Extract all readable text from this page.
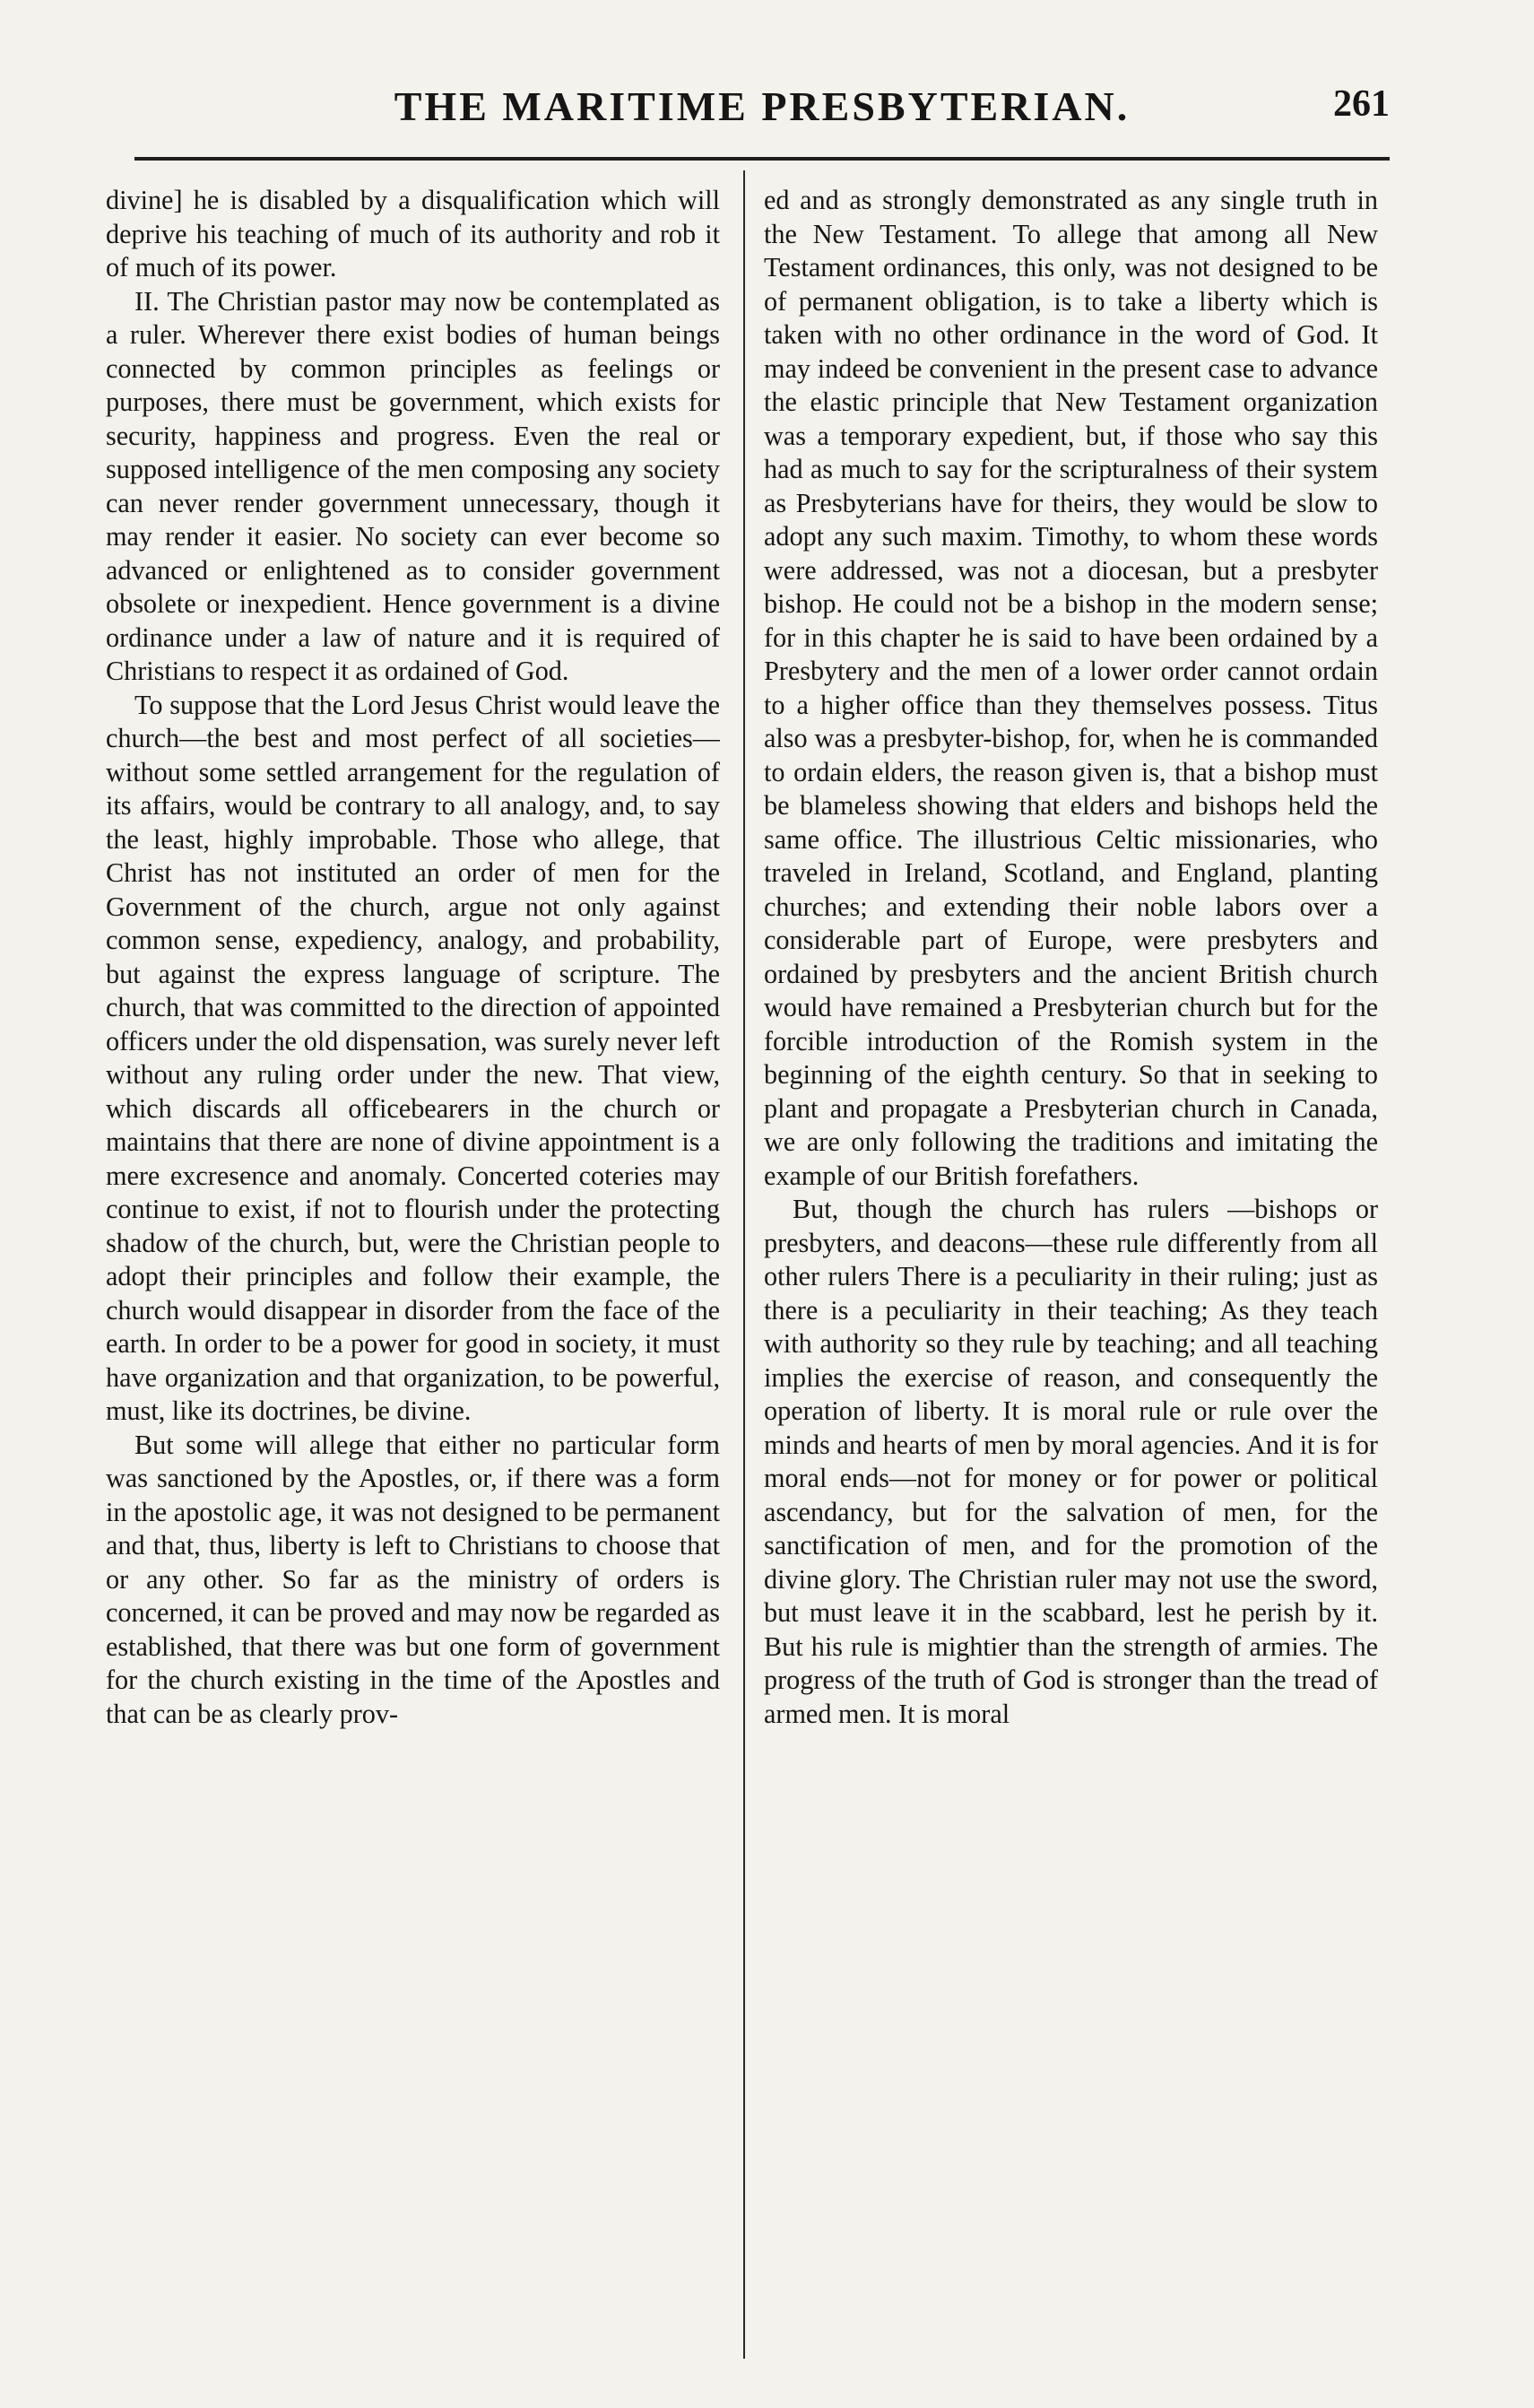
THE MARITIME PRESBYTERIAN.	261

divine] he is disabled by a disqualification which will deprive his teaching of much of its authority and rob it of much of its power.

II. The Christian pastor may now be contemplated as a ruler. Wherever there exist bodies of human beings connected by common principles as feelings or purposes, there must be government, which exists for security, happiness and progress. Even the real or supposed intelligence of the men composing any society can never render government unnecessary, though it may render it easier. No society can ever become so advanced or enlightened as to consider government obsolete or inexpedient. Hence government is a divine ordinance under a law of nature and it is required of Christians to respect it as ordained of God.

To suppose that the Lord Jesus Christ would leave the church—the best and most perfect of all societies—without some settled arrangement for the regulation of its affairs, would be contrary to all analogy, and, to say the least, highly improbable. Those who allege, that Christ has not instituted an order of men for the Government of the church, argue not only against common sense, expediency, analogy, and probability, but against the express language of scripture. The church, that was committed to the direction of appointed officers under the old dispensation, was surely never left without any ruling order under the new. That view, which discards all officebearers in the church or maintains that there are none of divine appointment is a mere excresence and anomaly. Concerted coteries may continue to exist, if not to flourish under the protecting shadow of the church, but, were the Christian people to adopt their principles and follow their example, the church would disappear in disorder from the face of the earth. In order to be a power for good in society, it must have organization and that organization, to be powerful, must, like its doctrines, be divine.

But some will allege that either no particular form was sanctioned by the Apostles, or, if there was a form in the apostolic age, it was not designed to be permanent and that, thus, liberty is left to Christians to choose that or any other. So far as the ministry of orders is concerned, it can be proved and may now be regarded as established, that there was but one form of government for the church existing in the time of the Apostles and that can be as clearly prov-

ed and as strongly demonstrated as any single truth in the New Testament. To allege that among all New Testament ordinances, this only, was not designed to be of permanent obligation, is to take a liberty which is taken with no other ordinance in the word of God. It may indeed be convenient in the present case to advance the elastic principle that New Testament organization was a temporary expedient, but, if those who say this had as much to say for the scripturalness of their system as Presbyterians have for theirs, they would be slow to adopt any such maxim. Timothy, to whom these words were addressed, was not a diocesan, but a presbyter bishop. He could not be a bishop in the modern sense; for in this chapter he is said to have been ordained by a Presbytery and the men of a lower order cannot ordain to a higher office than they themselves possess. Titus also was a presbyter-bishop, for, when he is commanded to ordain elders, the reason given is, that a bishop must be blameless showing that elders and bishops held the same office. The illustrious Celtic missionaries, who traveled in Ireland, Scotland, and England, planting churches; and extending their noble labors over a considerable part of Europe, were presbyters and ordained by presbyters and the ancient British church would have remained a Presbyterian church but for the forcible introduction of the Romish system in the beginning of the eighth century. So that in seeking to plant and propagate a Presbyterian church in Canada, we are only following the traditions and imitating the example of our British forefathers.

But, though the church has rulers —bishops or presbyters, and deacons—these rule differently from all other rulers There is a peculiarity in their ruling; just as there is a peculiarity in their teaching; As they teach with authority so they rule by teaching; and all teaching implies the exercise of reason, and consequently the operation of liberty. It is moral rule or rule over the minds and hearts of men by moral agencies. And it is for moral ends—not for money or for power or political ascendancy, but for the salvation of men, for the sanctification of men, and for the promotion of the divine glory. The Christian ruler may not use the sword, but must leave it in the scabbard, lest he perish by it. But his rule is mightier than the strength of armies. The progress of the truth of God is stronger than the tread of armed men. It is moral
